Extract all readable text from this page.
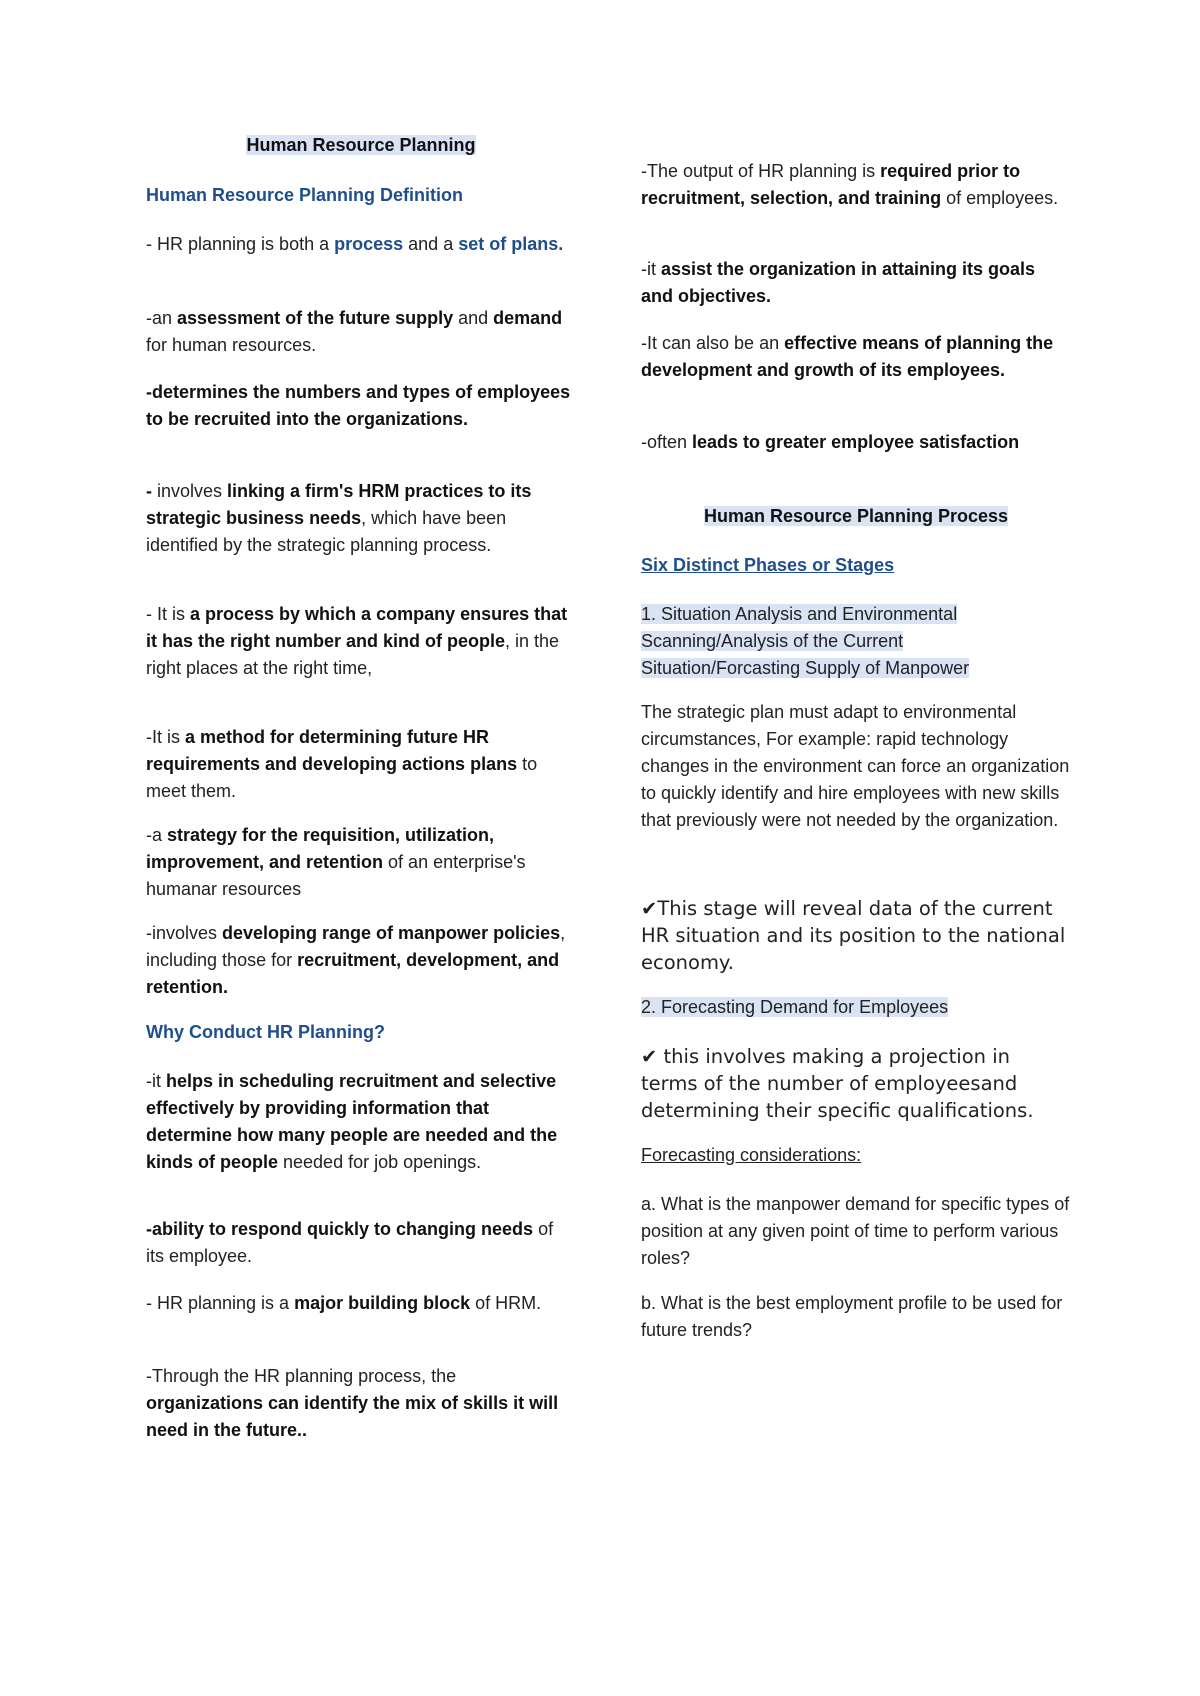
Human Resource Planning

Human Resource Planning Definition

- HR planning is both a process and a set of plans.

-an assessment of the future supply and demand for human resources.

-determines the numbers and types of employees to be recruited into the organizations.

- involves linking a firm's HRM practices to its strategic business needs, which have been identified by the strategic planning process.

- It is a process by which a company ensures that it has the right number and kind of people, in the right places at the right time,

-It is a method for determining future HR requirements and developing actions plans to meet them.

-a strategy for the requisition, utilization, improvement, and retention of an enterprise's humanar resources

-involves developing range of manpower policies, including those for recruitment, development, and retention.

Why Conduct HR Planning?

-it helps in scheduling recruitment and selective effectively by providing information that determine how many people are needed and the kinds of people needed for job openings.

-ability to respond quickly to changing needs of its employee.

- HR planning is a major building block of HRM.

-Through the HR planning process, the organizations can identify the mix of skills it will need in the future..

-The output of HR planning is required prior to recruitment, selection, and training of employees.

-it assist the organization in attaining its goals and objectives.

-It can also be an effective means of planning the development and growth of its employees.

-often leads to greater employee satisfaction

Human Resource Planning Process

Six Distinct Phases or Stages

1. Situation Analysis and Environmental
Scanning/Analysis of the Current
Situation/Forcasting Supply of Manpower

The strategic plan must adapt to environmental circumstances, For example: rapid technology changes in the environment can force an organization to quickly identify and hire employees with new skills that previously were not needed by the organization.

✔This stage will reveal data of the current HR situation and its position to the national economy.

2. Forecasting Demand for Employees

✔ this involves making a projection in terms of the number of employeesand determining their specific qualifications.

Forecasting considerations:

a. What is the manpower demand for specific types of position at any given point of time to perform various roles?

b. What is the best employment profile to be used for future trends?
